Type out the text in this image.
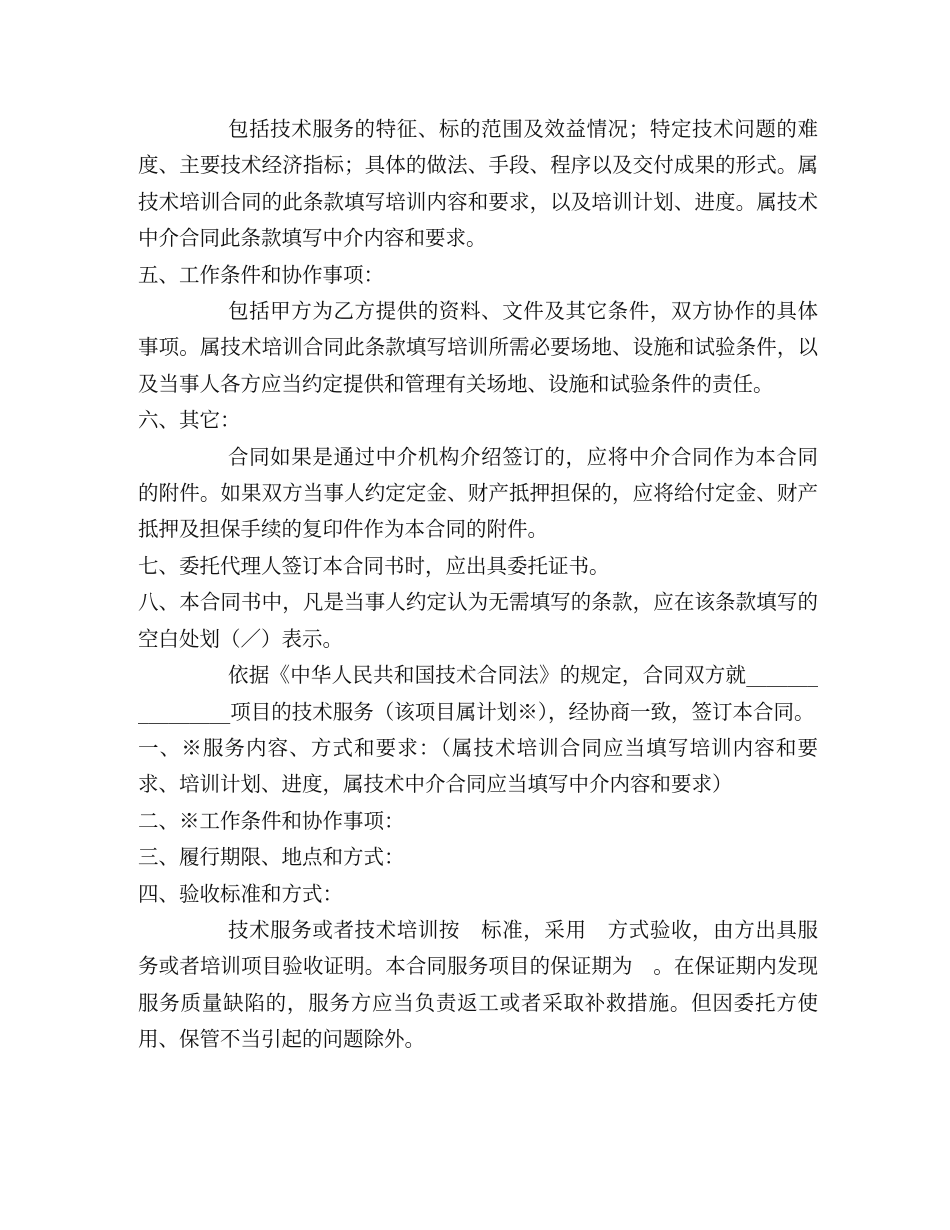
包括技术服务的特征、标的范围及效益情况；特定技术问题的难度、主要技术经济指标；具体的做法、手段、程序以及交付成果的形式。属技术培训合同的此条款填写培训内容和要求，以及培训计划、进度。属技术中介合同此条款填写中介内容和要求。

五、工作条件和协作事项：

包括甲方为乙方提供的资料、文件及其它条件，双方协作的具体事项。属技术培训合同此条款填写培训所需必要场地、设施和试验条件，以及当事人各方应当约定提供和管理有关场地、设施和试验条件的责任。

六、其它：

合同如果是通过中介机构介绍签订的，应将中介合同作为本合同的附件。如果双方当事人约定定金、财产抵押担保的，应将给付定金、财产抵押及担保手续的复印件作为本合同的附件。

七、委托代理人签订本合同书时，应出具委托证书。

八、本合同书中，凡是当事人约定认为无需填写的条款，应在该条款填写的空白处划（／）表示。

依据《中华人民共和国技术合同法》的规定，合同双方就________________项目的技术服务（该项目属计划※），经协商一致，签订本合同。

一、※服务内容、方式和要求：（属技术培训合同应当填写培训内容和要求、培训计划、进度，属技术中介合同应当填写中介内容和要求）

二、※工作条件和协作事项：

三、履行期限、地点和方式：

四、验收标准和方式：

技术服务或者技术培训按　标准，采用　方式验收，由方出具服务或者培训项目验收证明。本合同服务项目的保证期为　。在保证期内发现服务质量缺陷的，服务方应当负责返工或者采取补救措施。但因委托方使用、保管不当引起的问题除外。
